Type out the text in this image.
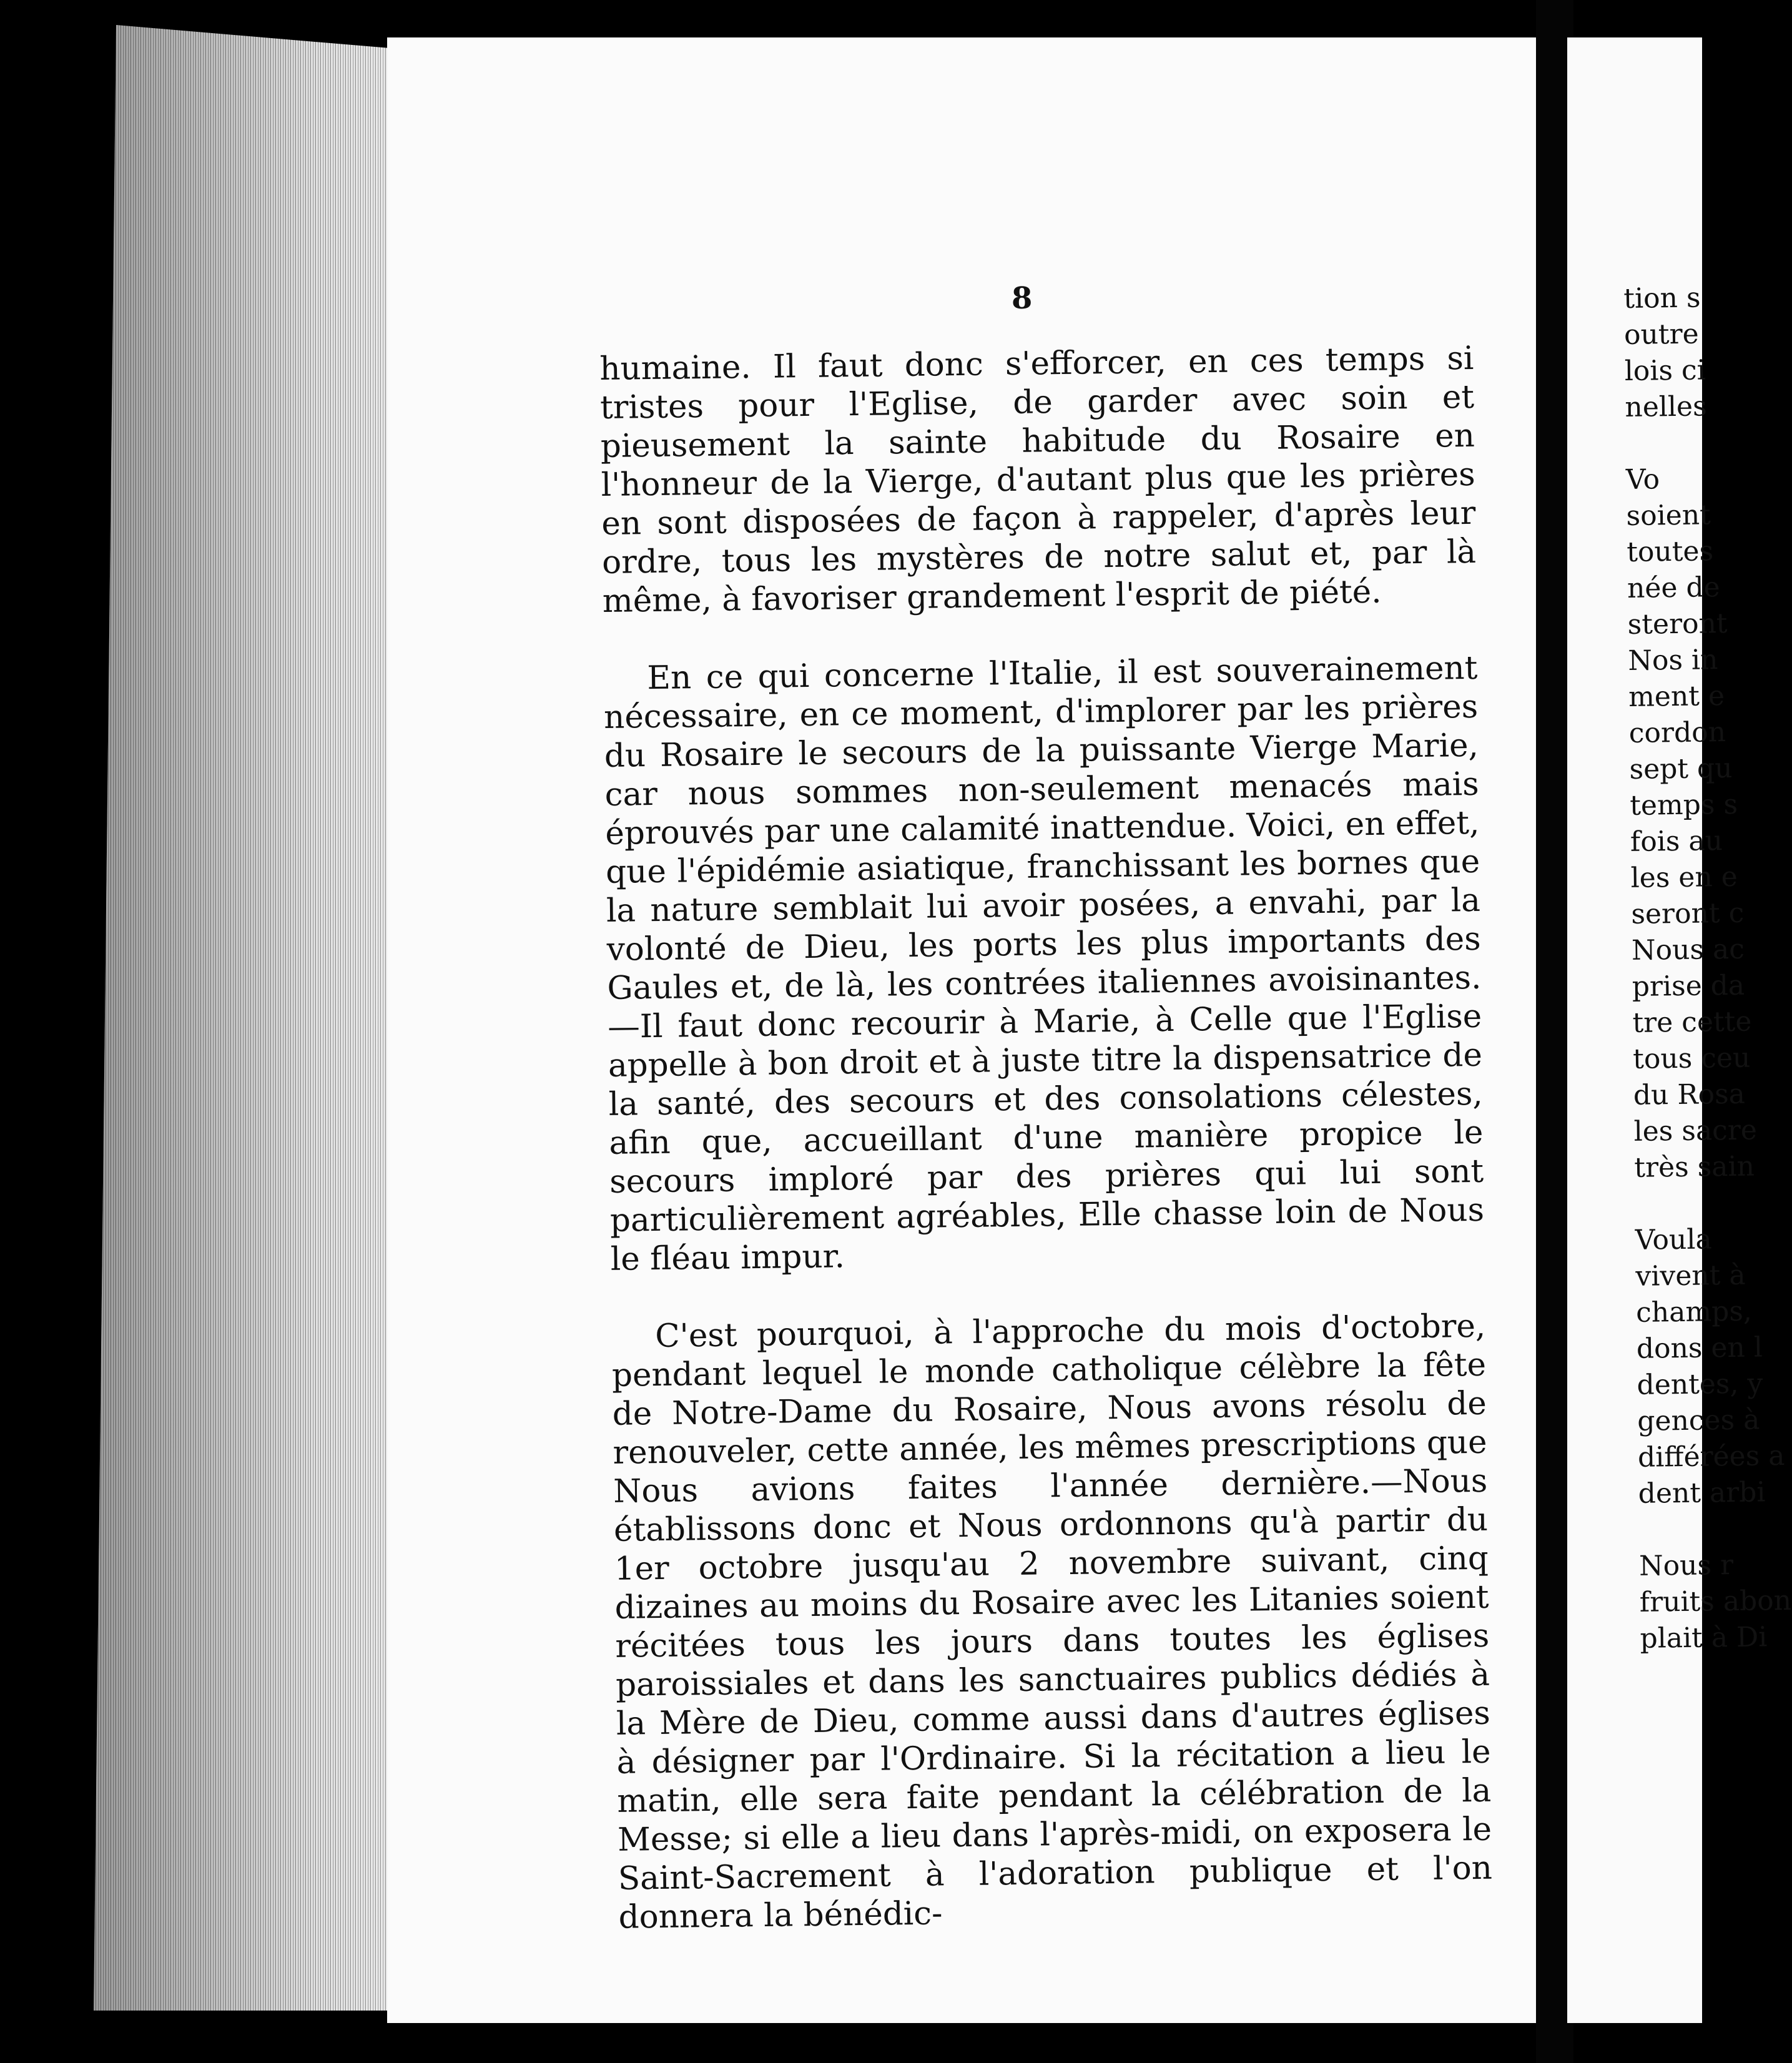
8

humaine. Il faut donc s'efforcer, en ces temps si tristes pour l'Eglise, de garder avec soin et pieusement la sainte habitude du Rosaire en l'honneur de la Vierge, d'autant plus que les prières en sont disposées de façon à rappeler, d'après leur ordre, tous les mystères de notre salut et, par là même, à favoriser grandement l'esprit de piété.

En ce qui concerne l'Italie, il est souverainement nécessaire, en ce moment, d'implorer par les prières du Rosaire le secours de la puissante Vierge Marie, car nous sommes non-seulement menacés mais éprouvés par une calamité inattendue. Voici, en effet, que l'épidémie asiatique, franchissant les bornes que la nature semblait lui avoir posées, a envahi, par la volonté de Dieu, les ports les plus importants des Gaules et, de là, les contrées italiennes avoisinantes.—Il faut donc recourir à Marie, à Celle que l'Eglise appelle à bon droit et à juste titre la dispensatrice de la santé, des secours et des consolations célestes, afin que, accueillant d'une manière propice le secours imploré par des prières qui lui sont particulièrement agréables, Elle chasse loin de Nous le fléau impur.

C'est pourquoi, à l'approche du mois d'octobre, pendant lequel le monde catholique célèbre la fête de Notre-Dame du Rosaire, Nous avons résolu de renouveler, cette année, les mêmes prescriptions que Nous avions faites l'année dernière.—Nous établissons donc et Nous ordonnons qu'à partir du 1er octobre jusqu'au 2 novembre suivant, cinq dizaines au moins du Rosaire avec les Litanies soient récitées tous les jours dans toutes les églises paroissiales et dans les sanctuaires publics dédiés à la Mère de Dieu, comme aussi dans d'autres églises à désigner par l'Ordinaire. Si la récitation a lieu le matin, elle sera faite pendant la célébration de la Messe; si elle a lieu dans l'après-midi, on exposera le Saint-Sacrement à l'adoration publique et l'on donnera la bénédic-

tion s
outre
lois ci
nelles

Vo
soient
toutes
née de
steront
Nos in
ment e
cordon
sept qu
temps s
fois au
les en e
seront c
Nous ac
prise da
tre cette
tous ceu
du Rosa
les sacre
très sain

Voula
vivent à
champs,
dons en l
dentes, y
gences à
différées a
dent arbi

Nous r
fruits abon
plait à Di
